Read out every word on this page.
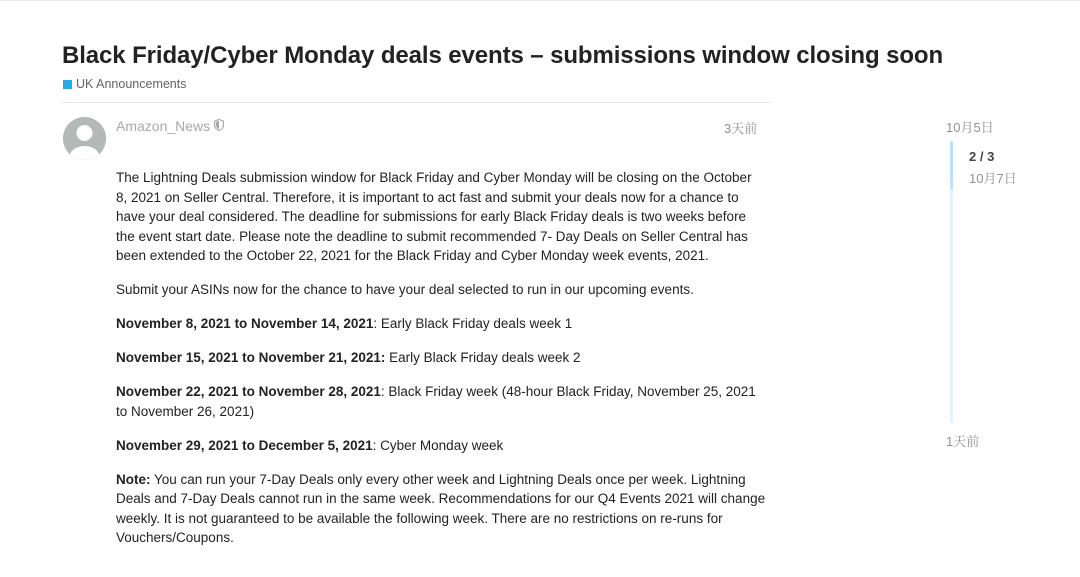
Black Friday/Cyber Monday deals events – submissions window closing soon
UK Announcements
Amazon_News	3天前

The Lightning Deals submission window for Black Friday and Cyber Monday will be closing on the October 8, 2021 on Seller Central. Therefore, it is important to act fast and submit your deals now for a chance to have your deal considered. The deadline for submissions for early Black Friday deals is two weeks before the event start date. Please note the deadline to submit recommended 7- Day Deals on Seller Central has been extended to the October 22, 2021 for the Black Friday and Cyber Monday week events, 2021.

Submit your ASINs now for the chance to have your deal selected to run in our upcoming events.

November 8, 2021 to November 14, 2021: Early Black Friday deals week 1

November 15, 2021 to November 21, 2021: Early Black Friday deals week 2

November 22, 2021 to November 28, 2021: Black Friday week (48-hour Black Friday, November 25, 2021 to November 26, 2021)

November 29, 2021 to December 5, 2021: Cyber Monday week

Note: You can run your 7-Day Deals only every other week and Lightning Deals once per week. Lightning Deals and 7-Day Deals cannot run in the same week. Recommendations for our Q4 Events 2021 will change weekly. It is not guaranteed to be available the following week. There are no restrictions on re-runs for Vouchers/Coupons.

10月5日
2 / 3
10月7日
1天前
